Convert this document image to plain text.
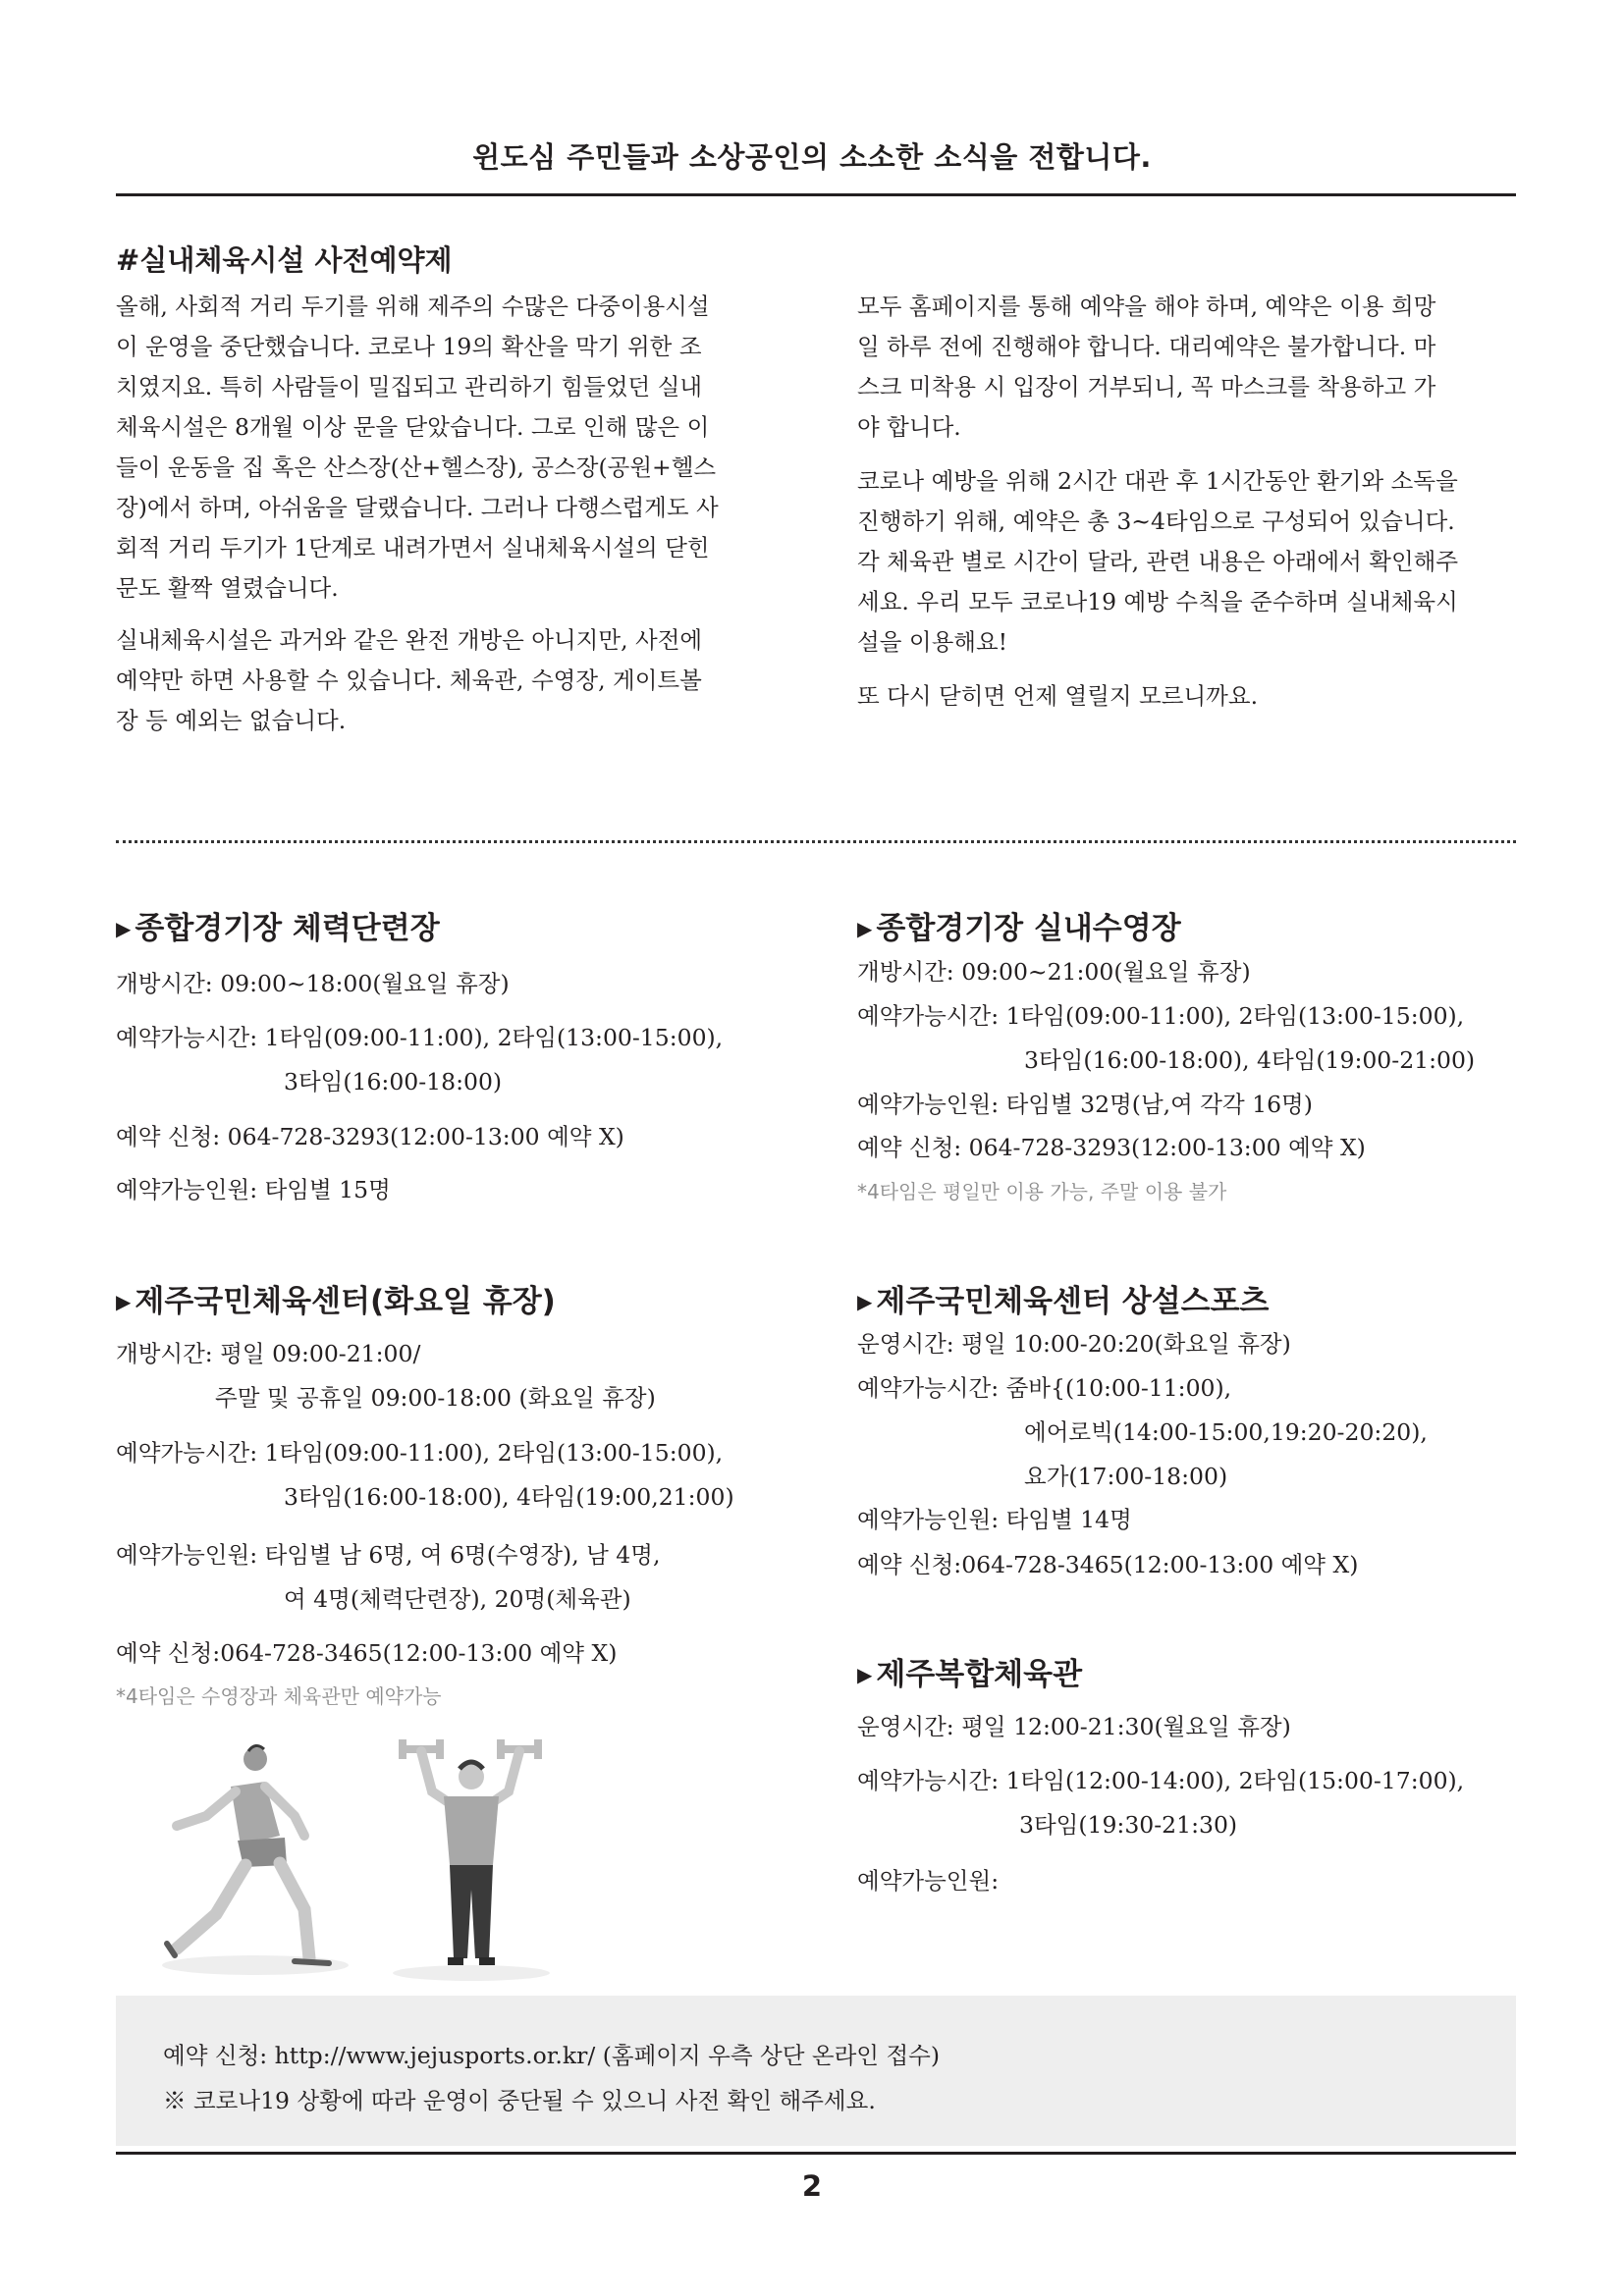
윈도심 주민들과 소상공인의 소소한 소식을 전합니다.
#실내체육시설 사전예약제

올해, 사회적 거리 두기를 위해 제주의 수많은 다중이용시설
이 운영을 중단했습니다. 코로나 19의 확산을 막기 위한 조
치였지요. 특히 사람들이 밀집되고 관리하기 힘들었던 실내
체육시설은 8개월 이상 문을 닫았습니다. 그로 인해 많은 이
들이 운동을 집 혹은 산스장(산+헬스장), 공스장(공원+헬스
장)에서 하며, 아쉬움을 달랬습니다. 그러나 다행스럽게도 사
회적 거리 두기가 1단계로 내려가면서 실내체육시설의 닫힌
문도 활짝 열렸습니다.

실내체육시설은 과거와 같은 완전 개방은 아니지만, 사전에
예약만 하면 사용할 수 있습니다. 체육관, 수영장, 게이트볼
장 등 예외는 없습니다.

모두 홈페이지를 통해 예약을 해야 하며, 예약은 이용 희망
일 하루 전에 진행해야 합니다. 대리예약은 불가합니다. 마
스크 미착용 시 입장이 거부되니, 꼭 마스크를 착용하고 가
야 합니다.

코로나 예방을 위해 2시간 대관 후 1시간동안 환기와 소독을
진행하기 위해, 예약은 총 3~4타임으로 구성되어 있습니다.
각 체육관 별로 시간이 달라, 관련 내용은 아래에서 확인해주
세요. 우리 모두 코로나19 예방 수칙을 준수하며 실내체육시
설을 이용해요!

또 다시 닫히면 언제 열릴지 모르니까요.

▶ 종합경기장 체력단련장
개방시간: 09:00~18:00(월요일 휴장)
예약가능시간: 1타임(09:00-11:00), 2타임(13:00-15:00),
3타임(16:00-18:00)
예약 신청: 064-728-3293(12:00-13:00 예약 X)
예약가능인원: 타임별 15명
▶ 종합경기장 실내수영장
개방시간: 09:00~21:00(월요일 휴장)
예약가능시간: 1타임(09:00-11:00), 2타임(13:00-15:00),
3타임(16:00-18:00), 4타임(19:00-21:00)
예약가능인원: 타임별 32명(남,여 각각 16명)
예약 신청: 064-728-3293(12:00-13:00 예약 X)
*4타임은 평일만 이용 가능, 주말 이용 불가
▶ 제주국민체육센터(화요일 휴장)
개방시간: 평일 09:00-21:00/
주말 및 공휴일 09:00-18:00 (화요일 휴장)
예약가능시간: 1타임(09:00-11:00), 2타임(13:00-15:00),
3타임(16:00-18:00), 4타임(19:00,21:00)
예약가능인원: 타임별 남 6명, 여 6명(수영장), 남 4명,
여 4명(체력단련장), 20명(체육관)
예약 신청:064-728-3465(12:00-13:00 예약 X)
*4타임은 수영장과 체육관만 예약가능
▶ 제주국민체육센터 상설스포츠
운영시간: 평일 10:00-20:20(화요일 휴장)
예약가능시간: 줌바{(10:00-11:00),
에어로빅(14:00-15:00,19:20-20:20),
요가(17:00-18:00)
예약가능인원: 타임별 14명
예약 신청:064-728-3465(12:00-13:00 예약 X)
▶ 제주복합체육관
운영시간: 평일 12:00-21:30(월요일 휴장)
예약가능시간: 1타임(12:00-14:00), 2타임(15:00-17:00),
3타임(19:30-21:30)
예약가능인원:
예약 신청: http://www.jejusports.or.kr/ (홈페이지 우측 상단 온라인 접수)
※ 코로나19 상황에 따라 운영이 중단될 수 있으니 사전 확인 해주세요.
2
